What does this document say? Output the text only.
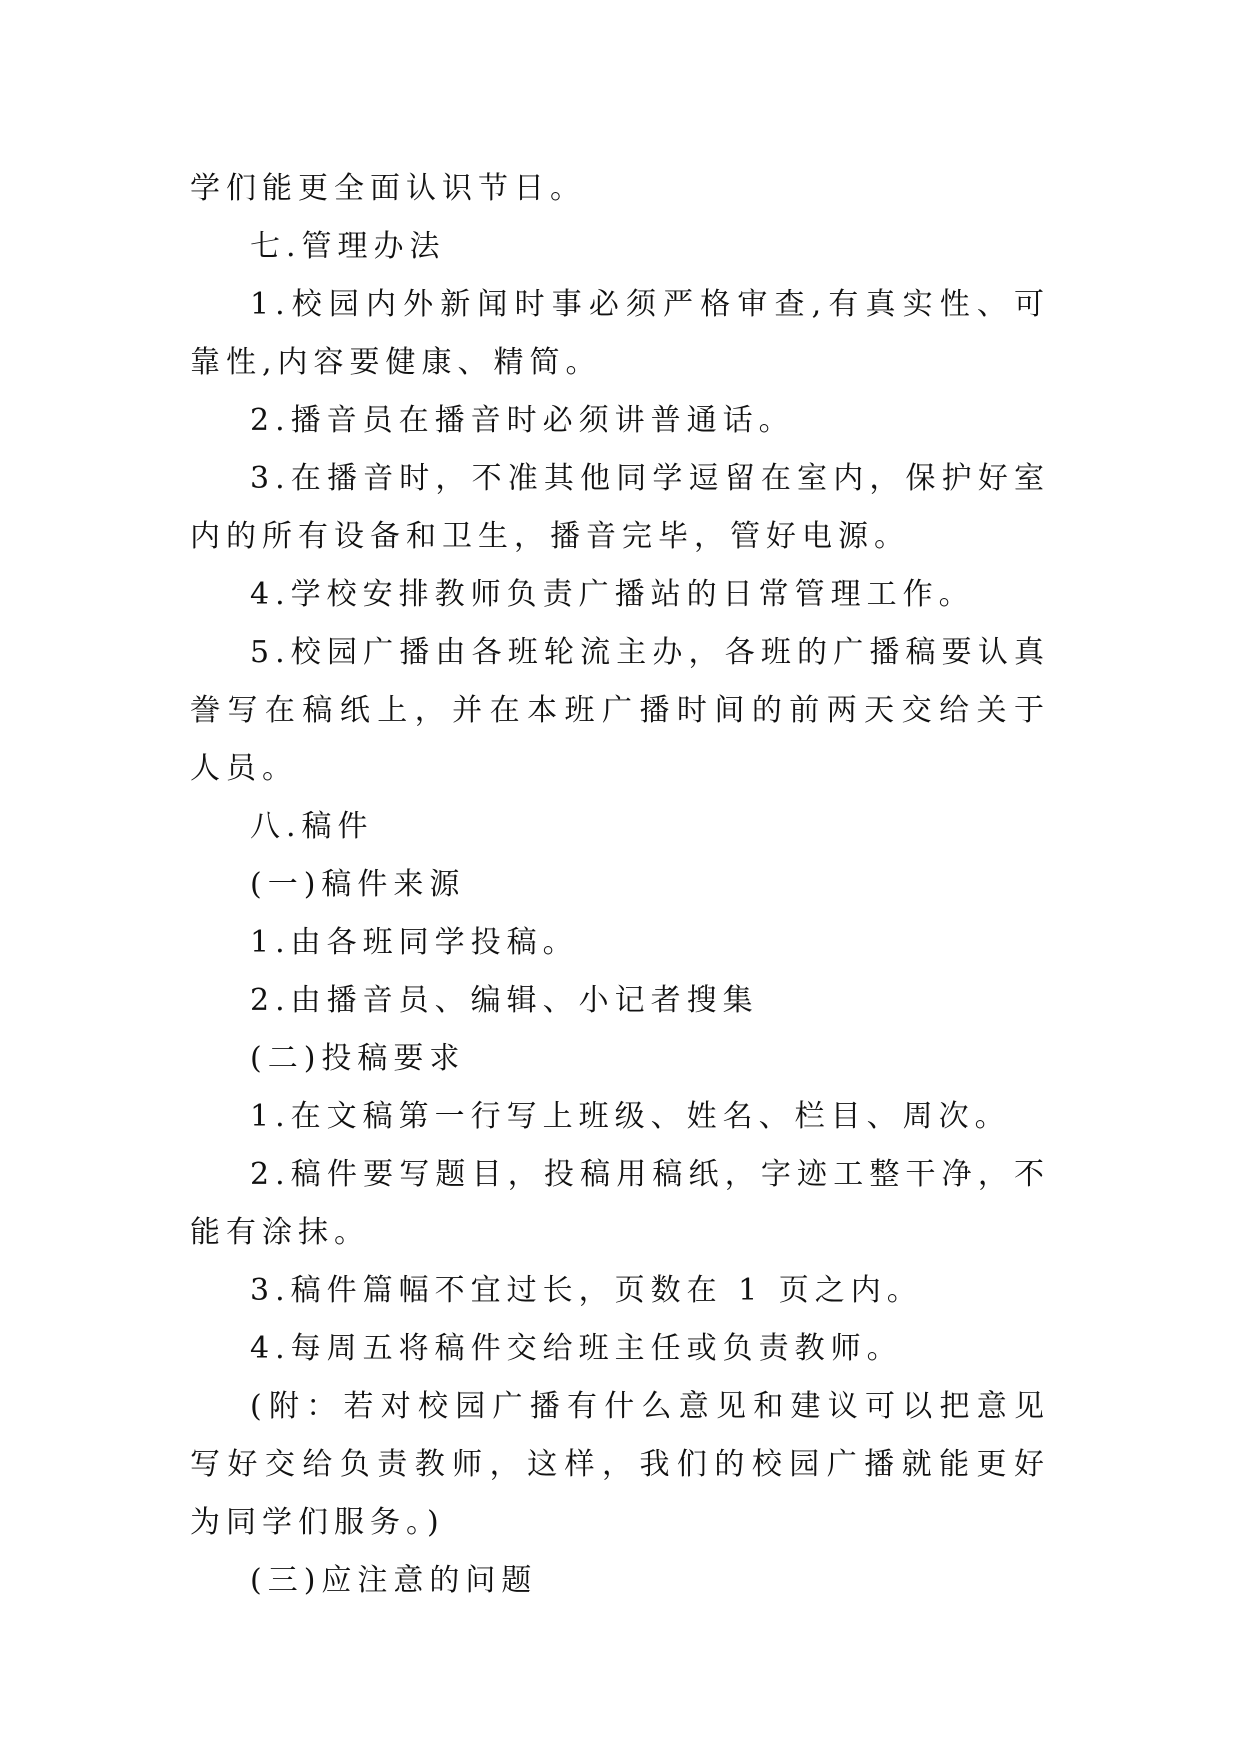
学们能更全面认识节日。

七.管理办法

1.校园内外新闻时事必须严格审查,有真实性、可靠性,内容要健康、精简。

2.播音员在播音时必须讲普通话。

3.在播音时，不准其他同学逗留在室内，保护好室内的所有设备和卫生，播音完毕，管好电源。

4.学校安排教师负责广播站的日常管理工作。

5.校园广播由各班轮流主办，各班的广播稿要认真誊写在稿纸上，并在本班广播时间的前两天交给关于人员。

八.稿件

(一)稿件来源

1.由各班同学投稿。

2.由播音员、编辑、小记者搜集

(二)投稿要求

1.在文稿第一行写上班级、姓名、栏目、周次。

2.稿件要写题目，投稿用稿纸，字迹工整干净，不能有涂抹。

3.稿件篇幅不宜过长，页数在 1 页之内。

4.每周五将稿件交给班主任或负责教师。

(附：若对校园广播有什么意见和建议可以把意见写好交给负责教师，这样，我们的校园广播就能更好为同学们服务。)

(三)应注意的问题
